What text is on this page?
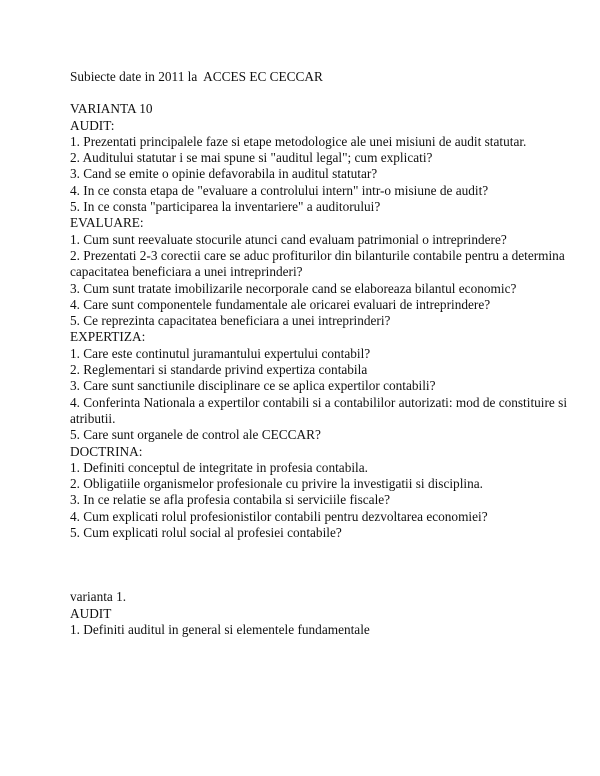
Subiecte date in 2011 la  ACCES EC CECCAR
VARIANTA 10
AUDIT:
1. Prezentati principalele faze si etape metodologice ale unei misiuni de audit statutar.
2. Auditului statutar i se mai spune si "auditul legal"; cum explicati?
3. Cand se emite o opinie defavorabila in auditul statutar?
4. In ce consta etapa de "evaluare a controlului intern" intr-o misiune de audit?
5. In ce consta "participarea la inventariere" a auditorului?
EVALUARE:
1. Cum sunt reevaluate stocurile atunci cand evaluam patrimonial o intreprindere?
2. Prezentati 2-3 corectii care se aduc profiturilor din bilanturile contabile pentru a determina capacitatea beneficiara a unei intreprinderi?
3. Cum sunt tratate imobilizarile necorporale cand se elaboreaza bilantul economic?
4. Care sunt componentele fundamentale ale oricarei evaluari de intreprindere?
5. Ce reprezinta capacitatea beneficiara a unei intreprinderi?
EXPERTIZA:
1. Care este continutul juramantului expertului contabil?
2. Reglementari si standarde privind expertiza contabila
3. Care sunt sanctiunile disciplinare ce se aplica expertilor contabili?
4. Conferinta Nationala a expertilor contabili si a contabililor autorizati: mod de constituire si atributii.
5. Care sunt organele de control ale CECCAR?
DOCTRINA:
1. Definiti conceptul de integritate in profesia contabila.
2. Obligatiile organismelor profesionale cu privire la investigatii si disciplina.
3. In ce relatie se afla profesia contabila si serviciile fiscale?
4. Cum explicati rolul profesionistilor contabili pentru dezvoltarea economiei?
5. Cum explicati rolul social al profesiei contabile?
varianta 1.
AUDIT
1. Definiti auditul in general si elementele fundamentale
